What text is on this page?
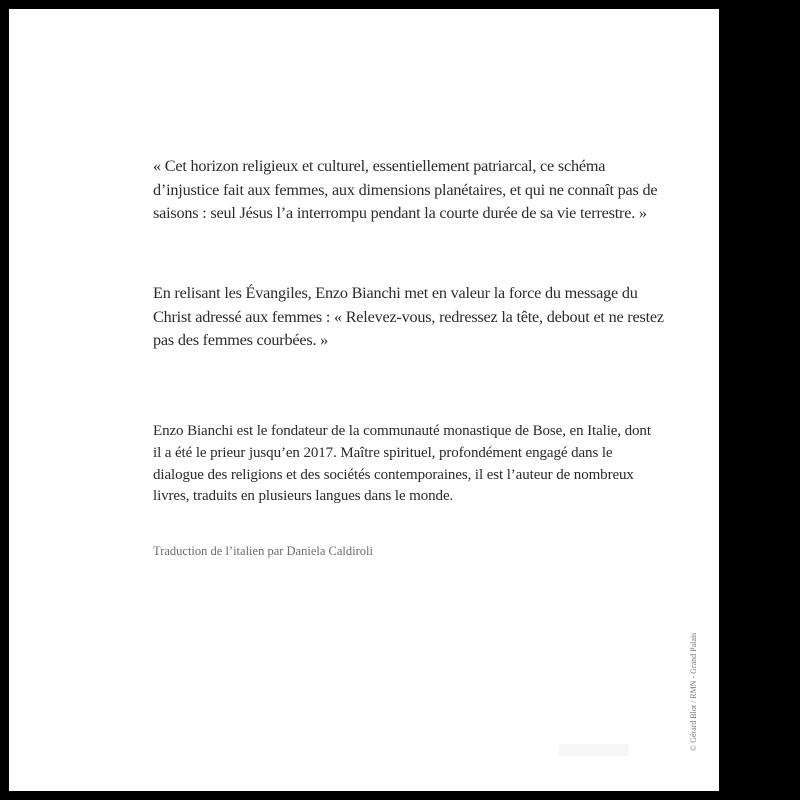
« Cet horizon religieux et culturel, essentiellement patriarcal, ce schéma d’injustice fait aux femmes, aux dimensions planétaires, et qui ne connaît pas de saisons : seul Jésus l’a interrompu pendant la courte durée de sa vie terrestre. »

En relisant les Évangiles, Enzo Bianchi met en valeur la force du message du Christ adressé aux femmes : « Relevez-vous, redressez la tête, debout et ne restez pas des femmes courbées. »

Enzo Bianchi est le fondateur de la communauté monastique de Bose, en Italie, dont il a été le prieur jusqu’en 2017. Maître spirituel, profondément engagé dans le dialogue des religions et des sociétés contemporaines, il est l’auteur de nombreux livres, traduits en plusieurs langues dans le monde.

Traduction de l’italien par Daniela Caldiroli

© Gérard Blot / RMN - Grand Palais
